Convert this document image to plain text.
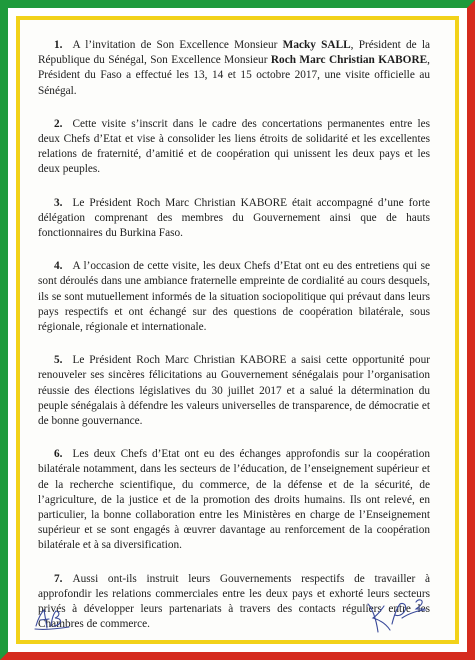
1. A l’invitation de Son Excellence Monsieur Macky SALL, Président de la République du Sénégal, Son Excellence Monsieur Roch Marc Christian KABORE, Président du Faso a effectué les 13, 14 et 15 octobre 2017, une visite officielle au Sénégal.

2. Cette visite s’inscrit dans le cadre des concertations permanentes entre les deux Chefs d’Etat et vise à consolider les liens étroits de solidarité et les excellentes relations de fraternité, d’amitié et de coopération qui unissent les deux pays et les deux peuples.

3. Le Président Roch Marc Christian KABORE était accompagné d’une forte délégation comprenant des membres du Gouvernement ainsi que de hauts fonctionnaires du Burkina Faso.

4. A l’occasion de cette visite, les deux Chefs d’Etat ont eu des entretiens qui se sont déroulés dans une ambiance fraternelle empreinte de cordialité au cours desquels, ils se sont mutuellement informés de la situation sociopolitique qui prévaut dans leurs pays respectifs et ont échangé sur des questions de coopération bilatérale, sous régionale, régionale et internationale.

5. Le Président Roch Marc Christian KABORE a saisi cette opportunité pour renouveler ses sincères félicitations au Gouvernement sénégalais pour l’organisation réussie des élections législatives du 30 juillet 2017 et a salué la détermination du peuple sénégalais à défendre les valeurs universelles de transparence, de démocratie et de bonne gouvernance.

6. Les deux Chefs d’Etat ont eu des échanges approfondis sur la coopération bilatérale notamment, dans les secteurs de l’éducation, de l’enseignement supérieur et de la recherche scientifique, du commerce, de la défense et de la sécurité, de l’agriculture, de la justice et de la promotion des droits humains. Ils ont relevé, en particulier, la bonne collaboration entre les Ministères en charge de l’Enseignement supérieur et se sont engagés à œuvrer davantage au renforcement de la coopération bilatérale et à sa diversification.

7. Aussi ont-ils instruit leurs Gouvernements respectifs de travailler à approfondir les relations commerciales entre les deux pays et exhorté leurs secteurs privés à développer leurs partenariats à travers des contacts réguliers entre les Chambres de commerce.
